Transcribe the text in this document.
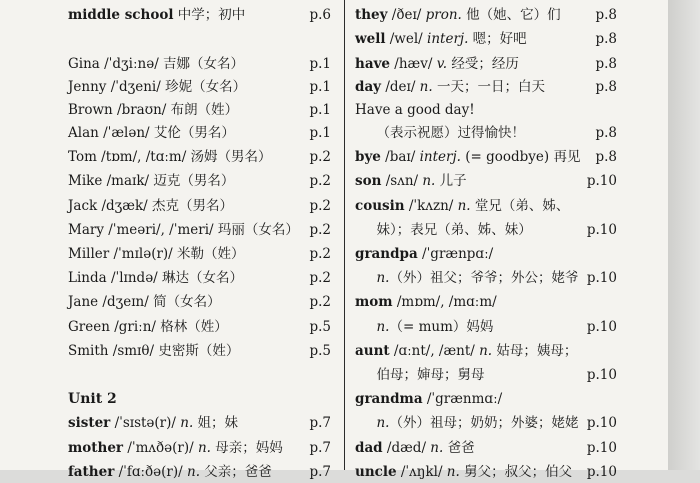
middle school 中学；初中	p.6
Gina /ˈdʒiːnə/ 吉娜（女名）	p.1
Jenny /ˈdʒeni/ 珍妮（女名）	p.1
Brown /braʊn/ 布朗（姓）	p.1
Alan /ˈælən/ 艾伦（男名）	p.1
Tom /tɒm/, /tɑːm/ 汤姆（男名）	p.2
Mike /maɪk/ 迈克（男名）	p.2
Jack /dʒæk/ 杰克（男名）	p.2
Mary /ˈmeəri/, /ˈmeri/ 玛丽（女名） p.2
Miller /ˈmɪlə(r)/ 米勒（姓）	p.2
Linda /ˈlɪndə/ 琳达（女名）	p.2
Jane /dʒeɪn/ 简（女名）	p.2
Green /griːn/ 格林（姓）	p.5
Smith /smɪθ/ 史密斯（姓）	p.5
Unit 2
sister /ˈsɪstə(r)/ n. 姐；妹	p.7
mother /ˈmʌðə(r)/ n. 母亲；妈妈 p.7
father /ˈfɑːðə(r)/ n. 父亲；爸爸	p.7
they /ðeɪ/ pron. 他（她、它）们	p.8
well /wel/ interj. 嗯；好吧	p.8
have /hæv/ v. 经受；经历	p.8
day /deɪ/ n. 一天；一日；白天	p.8
Have a good day!
（表示祝愿）过得愉快！	p.8
bye /baɪ/ interj. (= goodbye) 再见 p.8
son /sʌn/ n. 儿子	p.10
cousin /ˈkʌzn/ n. 堂兄（弟、姊、
妹）；表兄（弟、姊、妹）	p.10
grandpa /ˈgrænpɑː/
n.（外）祖父；爷爷；外公；姥爷 p.10
mom /mɒm/, /mɑːm/
n.（= mum）妈妈	p.10
aunt /ɑːnt/, /ænt/ n. 姑母；姨母；
伯母；婶母；舅母	p.10
grandma /ˈgrænmɑː/
n.（外）祖母；奶奶；外婆；姥姥 p.10
dad /dæd/ n. 爸爸	p.10
uncle /ˈʌŋkl/ n. 舅父；叔父；伯父 p.10
